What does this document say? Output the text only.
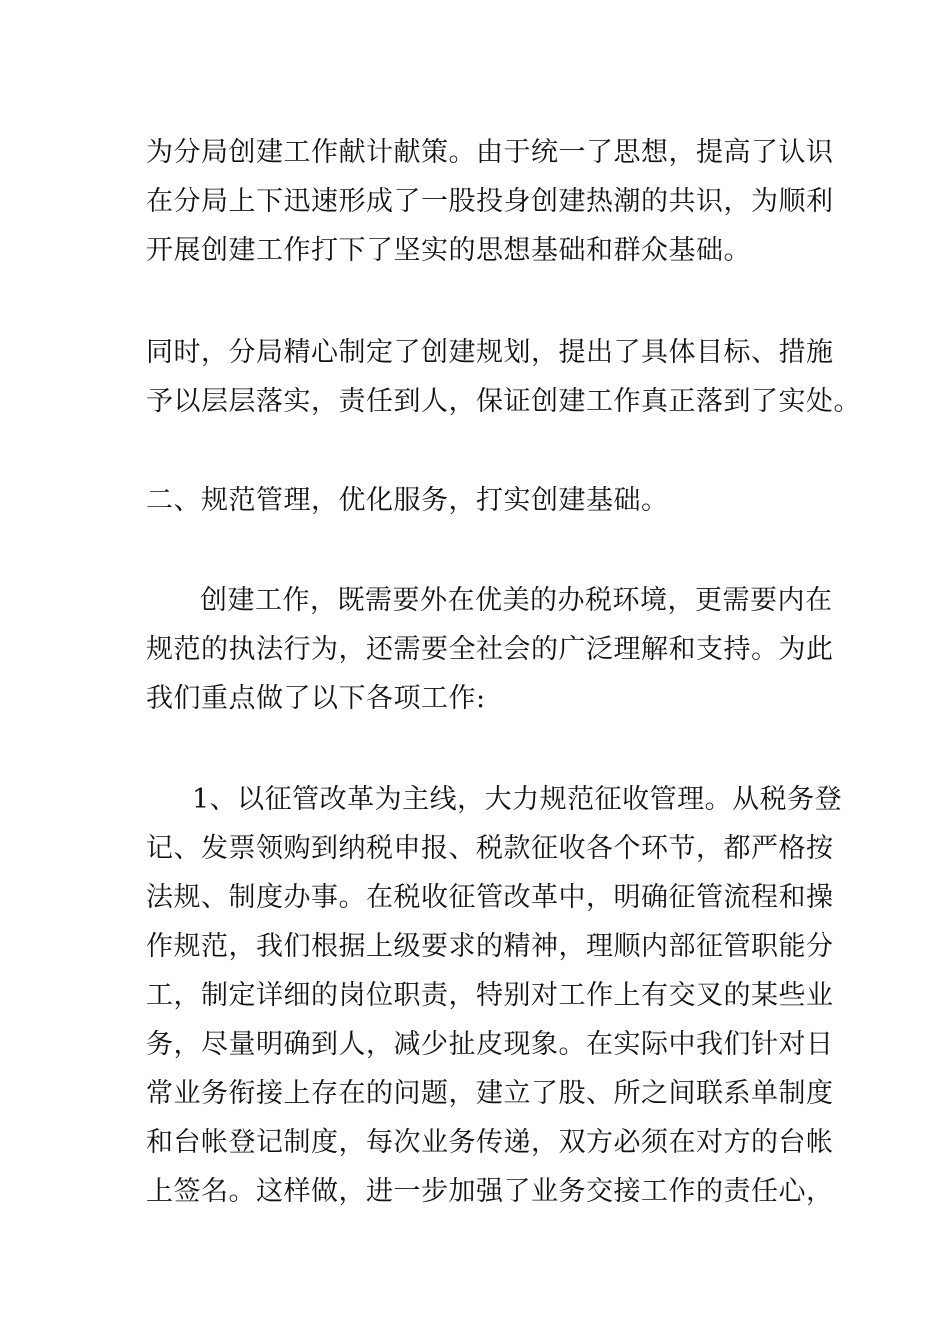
为分局创建工作献计献策。由于统一了思想，提高了认识
在分局上下迅速形成了一股投身创建热潮的共识，为顺利
开展创建工作打下了坚实的思想基础和群众基础。
同时，分局精心制定了创建规划，提出了具体目标、措施
予以层层落实，责任到人，保证创建工作真正落到了实处。
二、规范管理，优化服务，打实创建基础。
创建工作，既需要外在优美的办税环境，更需要内在
规范的执法行为，还需要全社会的广泛理解和支持。为此
我们重点做了以下各项工作:
1、以征管改革为主线，大力规范征收管理。从税务登
记、发票领购到纳税申报、税款征收各个环节，都严格按
法规、制度办事。在税收征管改革中，明确征管流程和操
作规范，我们根据上级要求的精神，理顺内部征管职能分
工，制定详细的岗位职责，特别对工作上有交叉的某些业
务，尽量明确到人，减少扯皮现象。在实际中我们针对日
常业务衔接上存在的问题，建立了股、所之间联系单制度
和台帐登记制度，每次业务传递，双方必须在对方的台帐
上签名。这样做，进一步加强了业务交接工作的责任心，
